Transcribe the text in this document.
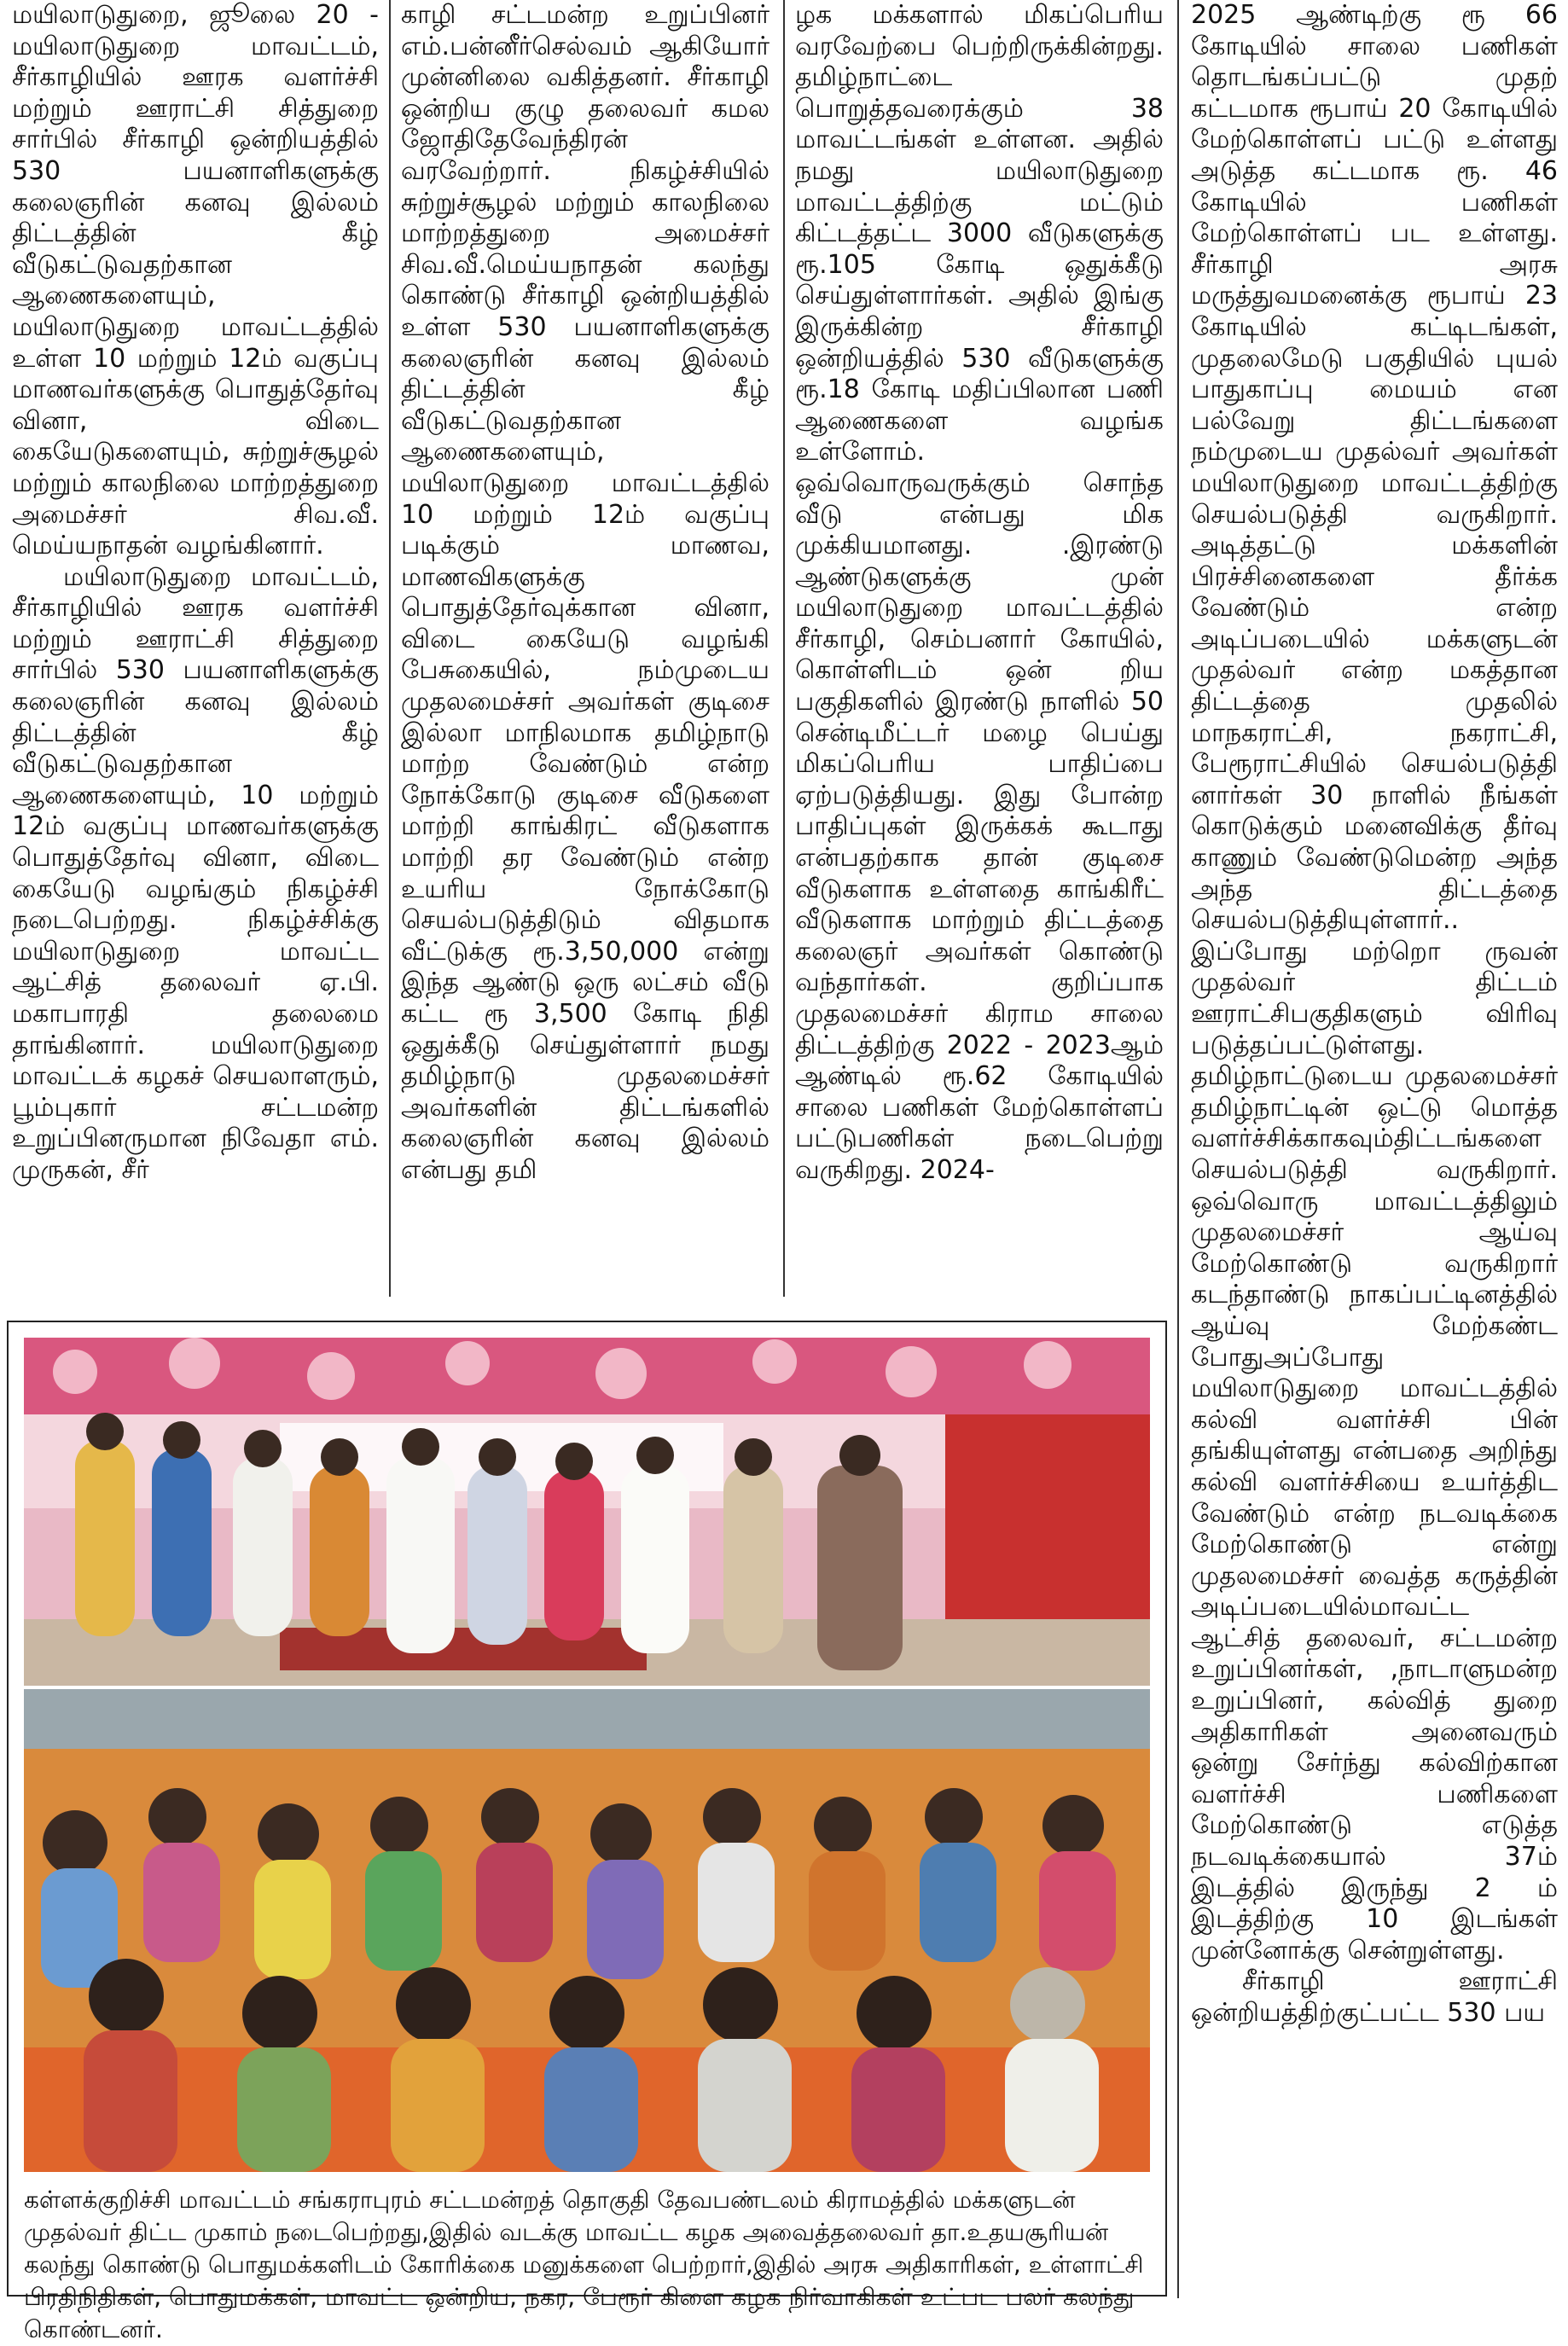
மயிலாடுதுறை, ஜூலை 20 - மயிலாடுதுறை மாவட்டம், சீர்காழியில் ஊரக வளர்ச்சி மற்றும் ஊராட்சி சித்துறை சார்பில் சீர்காழி ஒன்றியத்தில் 530 பயனாளிகளுக்கு கலைஞரின் கனவு இல்லம் திட்டத்தின் கீழ் வீடுகட்டுவதற்கான ஆணைகளையும், மயிலாடுதுறை மாவட்டத்தில் உள்ள 10 மற்றும் 12ம் வகுப்பு மாணவர்களுக்கு பொதுத்தேர்வு வினா, விடை கையேடுகளையும், சுற்றுச்சூழல் மற்றும் காலநிலை மாற்றத்துறை அமைச்சர் சிவ.வீ. மெய்யநாதன் வழங்கினார்.

மயிலாடுதுறை மாவட்டம், சீர்காழியில் ஊரக வளர்ச்சி மற்றும் ஊராட்சி சித்துறை சார்பில் 530 பயனாளிகளுக்கு கலைஞரின் கனவு இல்லம் திட்டத்தின் கீழ் வீடுகட்டுவதற்கான ஆணைகளையும், 10 மற்றும் 12ம் வகுப்பு மாணவர்களுக்கு பொதுத்தேர்வு வினா, விடை கையேடு வழங்கும் நிகழ்ச்சி நடைபெற்றது. நிகழ்ச்சிக்கு மயிலாடுதுறை மாவட்ட ஆட்சித் தலைவர் ஏ.பி. மகாபாரதி தலைமை தாங்கினார். மயிலாடுதுறை மாவட்டக் கழகச் செயலாளரும், பூம்புகார் சட்டமன்ற உறுப்பினருமான நிவேதா எம். முருகன், சீர்

காழி சட்டமன்ற உறுப்பினர் எம்.பன்னீர்செல்வம் ஆகியோர் முன்னிலை வகித்தனர். சீர்காழி ஒன்றிய குழு தலைவர் கமல ஜோதிதேவேந்திரன் வரவேற்றார். நிகழ்ச்சியில் சுற்றுச்சூழல் மற்றும் காலநிலை மாற்றத்துறை அமைச்சர் சிவ.வீ.மெய்யநாதன் கலந்து கொண்டு சீர்காழி ஒன்றியத்தில் உள்ள 530 பயனாளிகளுக்கு கலைஞரின் கனவு இல்லம் திட்டத்தின் கீழ் வீடுகட்டுவதற்கான ஆணைகளையும், மயிலாடுதுறை மாவட்டத்தில் 10 மற்றும் 12ம் வகுப்பு படிக்கும் மாணவ, மாணவிகளுக்கு பொதுத்தேர்வுக்கான வினா, விடை கையேடு வழங்கி பேசுகையில், நம்முடைய முதலமைச்சர் அவர்கள் குடிசை இல்லா மாநிலமாக தமிழ்நாடு மாற்ற வேண்டும் என்ற நோக்கோடு குடிசை வீடுகளை மாற்றி காங்கிரட் வீடுகளாக மாற்றி தர வேண்டும் என்ற உயரிய நோக்கோடு செயல்படுத்திடும் விதமாக வீட்டுக்கு ரூ.3,50,000 என்று இந்த ஆண்டு ஒரு லட்சம் வீடு கட்ட ரூ 3,500 கோடி நிதி ஒதுக்கீடு செய்துள்ளார் நமது தமிழ்நாடு முதலமைச்சர் அவர்களின் திட்டங்களில் கலைஞரின் கனவு இல்லம் என்பது தமி

ழக மக்களால் மிகப்பெரிய வரவேற்பை பெற்றிருக்கின்றது. தமிழ்நாட்டை பொறுத்தவரைக்கும் 38 மாவட்டங்கள் உள்ளன. அதில் நமது மயிலாடுதுறை மாவட்டத்திற்கு மட்டும் கிட்டத்தட்ட 3000 வீடுகளுக்கு ரூ.105 கோடி ஒதுக்கீடு செய்துள்ளார்கள். அதில் இங்கு இருக்கின்ற சீர்காழி ஒன்றியத்தில் 530 வீடுகளுக்கு ரூ.18 கோடி மதிப்பிலான பணி ஆணைகளை வழங்க உள்ளோம். ஒவ்வொருவருக்கும் சொந்த வீடு என்பது மிக முக்கியமானது. .இரண்டு ஆண்டுகளுக்கு முன் மயிலாடுதுறை மாவட்டத்தில் சீர்காழி, செம்பனார் கோயில், கொள்ளிடம் ஒன் றிய பகுதிகளில் இரண்டு நாளில் 50 சென்டிமீட்டர் மழை பெய்து மிகப்பெரிய பாதிப்பை ஏற்படுத்தியது. இது போன்ற பாதிப்புகள் இருக்கக் கூடாது என்பதற்காக தான் குடிசை வீடுகளாக உள்ளதை காங்கிரீட் வீடுகளாக மாற்றும் திட்டத்தை கலைஞர் அவர்கள் கொண்டு வந்தார்கள். குறிப்பாக முதலமைச்சர் கிராம சாலை திட்டத்திற்கு 2022 - 2023ஆம் ஆண்டில் ரூ.62 கோடியில் சாலை பணிகள் மேற்கொள்ளப் பட்டுபணிகள் நடைபெற்று வருகிறது. 2024-

2025 ஆண்டிற்கு ரூ 66 கோடியில் சாலை பணிகள் தொடங்கப்பட்டு முதற் கட்டமாக ரூபாய் 20 கோடியில் மேற்கொள்ளப் பட்டு உள்ளது அடுத்த கட்டமாக ரூ. 46 கோடியில் பணிகள் மேற்கொள்ளப் பட உள்ளது. சீர்காழி அரசு மருத்துவமனைக்கு ரூபாய் 23 கோடியில் கட்டிடங்கள், முதலைமேடு பகுதியில் புயல் பாதுகாப்பு மையம் என பல்வேறு திட்டங்களை நம்முடைய முதல்வர் அவர்கள் மயிலாடுதுறை மாவட்டத்திற்கு செயல்படுத்தி வருகிறார். அடித்தட்டு மக்களின் பிரச்சினைகளை தீர்க்க வேண்டும் என்ற அடிப்படையில் மக்களுடன் முதல்வர் என்ற மகத்தான திட்டத்தை முதலில் மாநகராட்சி, நகராட்சி, பேரூராட்சியில் செயல்படுத்தி னார்கள் 30 நாளில் நீங்கள் கொடுக்கும் மனைவிக்கு தீர்வு காணும் வேண்டுமென்ற அந்த அந்த திட்டத்தை செயல்படுத்தியுள்ளார்.. இப்போது மற்றொ ருவன் முதல்வர் திட்டம் ஊராட்சிபகுதிகளும் விரிவு படுத்தப்பட்டுள்ளது. தமிழ்நாட்டுடைய முதலமைச்சர் தமிழ்நாட்டின் ஒட்டு மொத்த வளர்ச்சிக்காகவும்திட்டங்களை செயல்படுத்தி வருகிறார். ஒவ்வொரு மாவட்டத்திலும் முதலமைச்சர் ஆய்வு மேற்கொண்டு வருகிறார் கடந்தாண்டு நாகப்பட்டினத்தில் ஆய்வு மேற்கண்ட போதுஅப்போது மயிலாடுதுறை மாவட்டத்தில் கல்வி வளர்ச்சி பின் தங்கியுள்ளது என்பதை அறிந்து கல்வி வளர்ச்சியை உயர்த்திட வேண்டும் என்ற நடவடிக்கை மேற்கொண்டு என்று முதலமைச்சர் வைத்த கருத்தின் அடிப்படையில்மாவட்ட ஆட்சித் தலைவர், சட்டமன்ற உறுப்பினர்கள், ,நாடாளுமன்ற உறுப்பினர், கல்வித் துறை அதிகாரிகள் அனைவரும் ஒன்று சேர்ந்து கல்விற்கான வளர்ச்சி பணிகளை மேற்கொண்டு எடுத்த நடவடிக்கையால் 37ம் இடத்தில் இருந்து 2 ம் இடத்திற்கு 10 இடங்கள் முன்னோக்கு சென்றுள்ளது.

சீர்காழி ஊராட்சி ஒன்றியத்திற்குட்பட்ட 530 பய

கள்ளக்குறிச்சி மாவட்டம் சங்கராபுரம் சட்டமன்றத் தொகுதி தேவபண்டலம் கிராமத்தில் மக்களுடன் முதல்வர் திட்ட முகாம் நடைபெற்றது,இதில் வடக்கு மாவட்ட கழக அவைத்தலைவர் தா.உதயசூரியன் கலந்து கொண்டு பொதுமக்களிடம் கோரிக்கை மனுக்களை பெற்றார்,இதில் அரசு அதிகாரிகள், உள்ளாட்சி பிரதிநிதிகள், பொதுமக்கள், மாவட்ட ஒன்றிய, நகர, பேரூர் கிளை கழக நிர்வாகிகள் உட்பட பலர் கலந்து கொண்டனர்.
